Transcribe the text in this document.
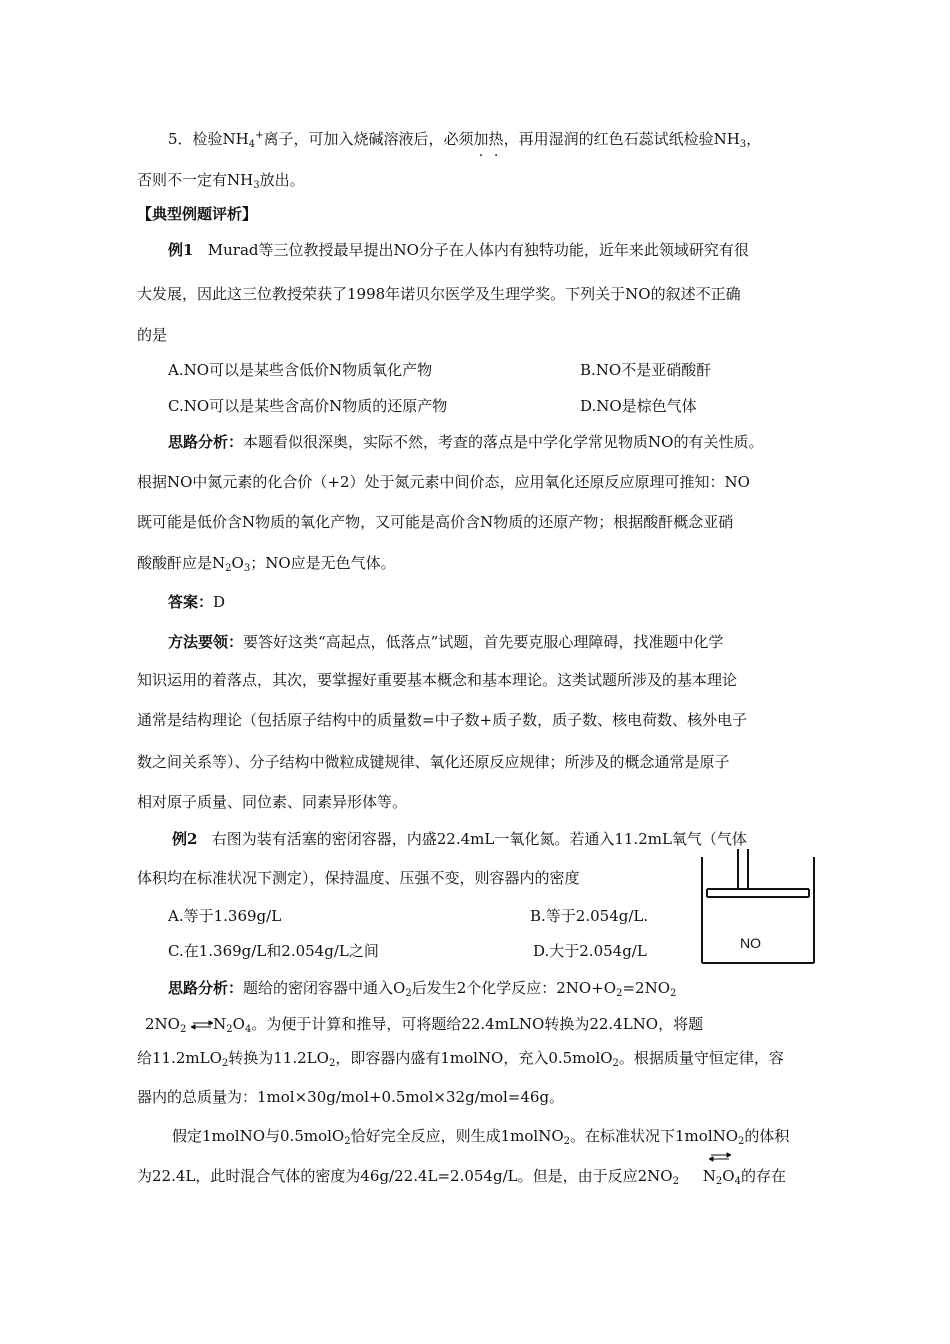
5．检验$NH_4^+$离子，可加入烧碱溶液后，必须加热，再用湿润的红色石蕊试纸检验$NH_3$，
否则不一定有$NH_3$放出。
【典型例题评析】
例1 Murad等三位教授最早提出NO分子在人体内有独特功能，近年来此领域研究有很
大发展，因此这三位教授荣获了1998年诺贝尔医学及生理学奖。下列关于NO的叙述不正确
的是
A.NO可以是某些含低价N物质氧化产物	B.NO不是亚硝酸酐
C.NO可以是某些含高价N物质的还原产物	D.NO是棕色气体
思路分析：本题看似很深奥，实际不然，考查的落点是中学化学常见物质NO的有关性质。
根据NO中氮元素的化合价（+2）处于氮元素中间价态，应用氧化还原反应原理可推知：NO
既可能是低价含N物质的氧化产物，又可能是高价含N物质的还原产物；根据酸酐概念亚硝
酸酸酐应是$N_2O_3$；NO应是无色气体。
答案：D
方法要领：要答好这类“高起点，低落点”试题，首先要克服心理障碍，找准题中化学
知识运用的着落点，其次，要掌握好重要基本概念和基本理论。这类试题所涉及的基本理论
通常是结构理论（包括原子结构中的质量数=中子数+质子数，质子数、核电荷数、核外电子
数之间关系等）、分子结构中微粒成键规律、氧化还原反应规律；所涉及的概念通常是原子
相对原子质量、同位素、同素异形体等。
例2 右图为装有活塞的密闭容器，内盛22.4mL一氧化氮。若通入11.2mL氧气（气体
体积均在标准状况下测定），保持温度、压强不变，则容器内的密度
A.等于1.369g/L	B.等于2.054g/L.
C.在1.369g/L和2.054g/L之间	D.大于2.054g/L	NO
思路分析：题给的密闭容器中通入$O_2$后发生2个化学反应：$2NO+O_2=2NO_2$
$2NO_2$ $\rightleftharpoons N_2O_4$。为便于计算和推导，可将题给22.4mLNO转换为22.4LNO，将题
给11.2mLO$_2$转换为$11.2LO_2$，即容器内盛有1molNO，充入0.5molO$_2$。根据质量守恒定律，容
器内的总质量为：1mol×30g/mol+0.5mol×32g/mol=46g。
假定1molNO与0.5molO$_2$恰好完全反应，则生成1molNO$_2$。在标准状况下1molNO$_2$的体积
为22.4L，此时混合气体的密度为46g/22.4L=2.054g/L。但是，由于反应$2NO_2$ $N_2O_4$的存在
